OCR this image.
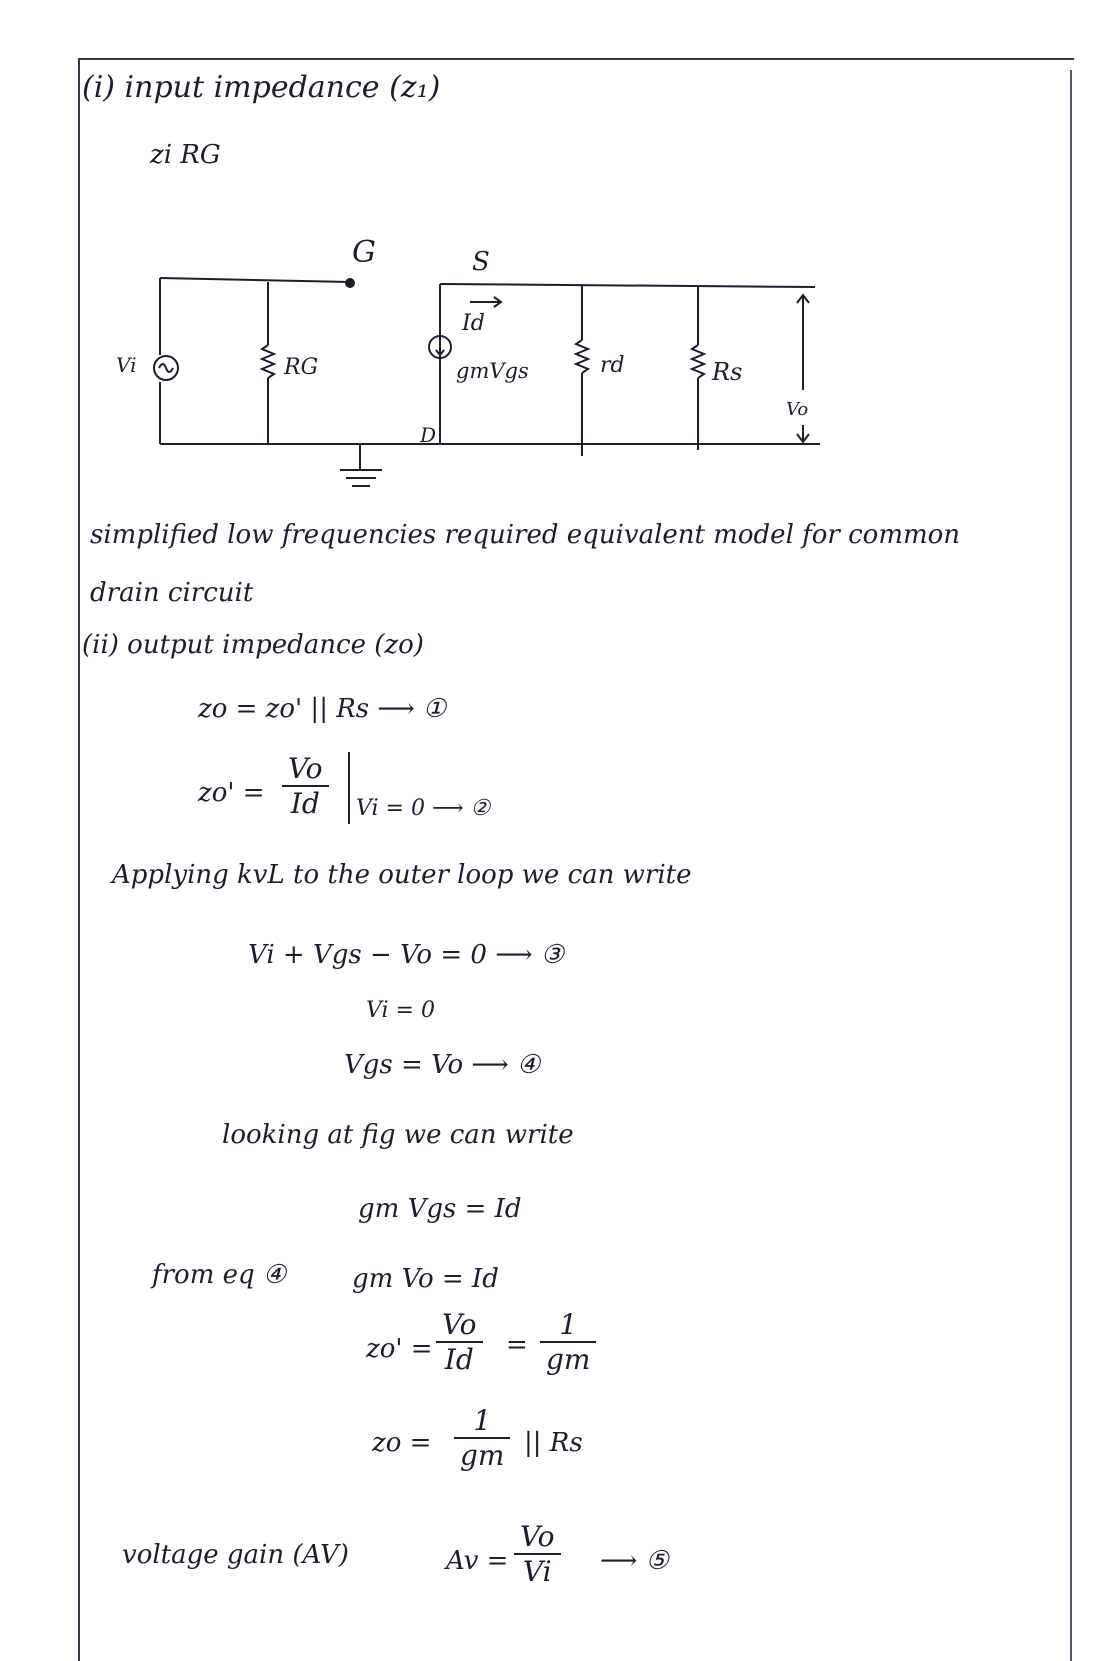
(i) input impedance (z₁)
zi RG
G	S
D
Vi	RG
Id
gmVgs	rd	Rs
Vo
simplified low frequencies required equivalent model for common
drain circuit
(ii) output impedance (zo)
zo = zo' || Rs ⟶ ①
$zo' = \frac{Vo}{Id}$ Vi = 0 ⟶ ②
Applying kvL to the outer loop we can write
Vi + Vgs − Vo = 0 ⟶ ③
Vi = 0
Vgs = Vo ⟶ ④
looking at fig we can write
gm Vgs = Id
from eq ④	gm Vo = Id
$zo' = \frac{Vo}{Id} = \frac{1}{gm}$
zo = $\frac{1}{gm}$ || Rs
voltage gain (AV)	$Av = \frac{Vo}{Vi}$ ⟶ ⑤
